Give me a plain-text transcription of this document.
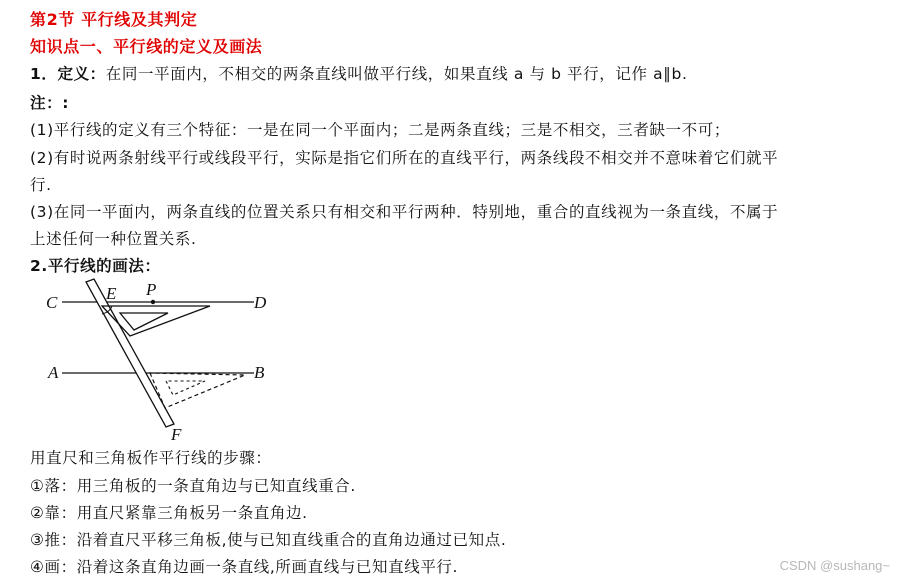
第2节 平行线及其判定
知识点一、平行线的定义及画法
1．定义：在同一平面内，不相交的两条直线叫做平行线，如果直线 a 与 b 平行，记作 a∥b.
注：:
(1)平行线的定义有三个特征：一是在同一个平面内；二是两条直线；三是不相交，三者缺一不可；
(2)有时说两条射线平行或线段平行，实际是指它们所在的直线平行，两条线段不相交并不意味着它们就平
行.
(3)在同一平面内，两条直线的位置关系只有相交和平行两种．特别地，重合的直线视为一条直线，不属于
上述任何一种位置关系.
2.平行线的画法：
C	E P
D
A	B
F
用直尺和三角板作平行线的步骤：
①落：用三角板的一条直角边与已知直线重合.
②靠：用直尺紧靠三角板另一条直角边.
③推：沿着直尺平移三角板,使与已知直线重合的直角边通过已知点.
④画：沿着这条直角边画一条直线,所画直线与已知直线平行.	CSDN @sushang~
